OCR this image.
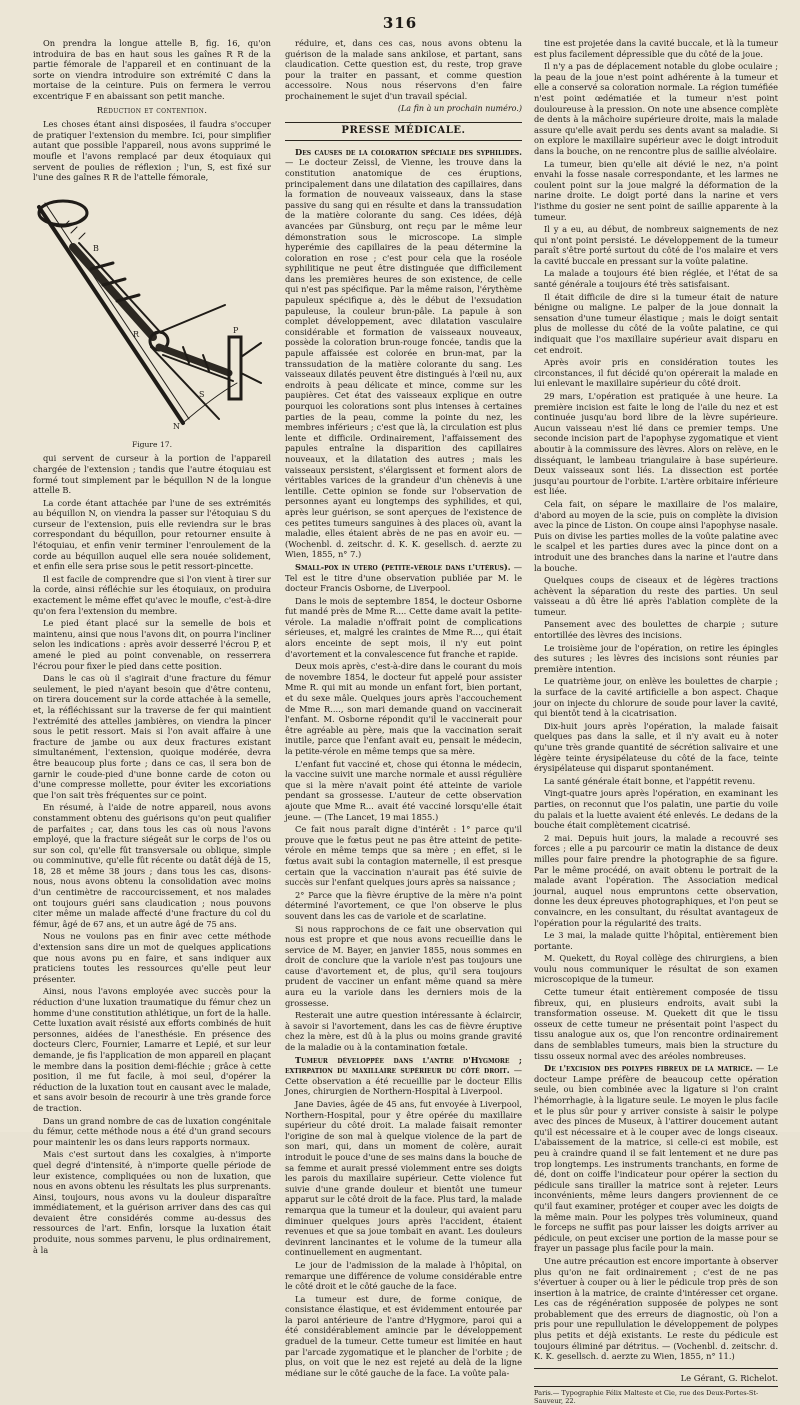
316

On prendra la longue attelle B, fig. 16, qu'on introduira de bas en haut sous les gaînes R R de la partie fémorale de l'appareil et en continuant de la sorte on viendra introduire son extrémité C dans la mortaise de la ceinture. Puis on fermera le verrou excentrique F en abaissant son petit manche.

Réduction et contention.

Les choses étant ainsi disposées, il faudra s'occuper de pratiquer l'extension du membre. Ici, pour simplifier autant que possible l'appareil, nous avons supprimé le moufle et l'avons remplacé par deux étoquiaux qui servent de poulies de réflexion ; l'un, S, est fixé sur l'une des gaînes R R de l'attelle fémorale,

R
S
P
B
N
Figure 17.

qui servent de curseur à la portion de l'appareil chargée de l'extension ; tandis que l'autre étoquiau est formé tout simplement par le béquillon N de la longue attelle B.

La corde étant attachée par l'une de ses extrémités au béquillon N, on viendra la passer sur l'étoquiau S du curseur de l'extension, puis elle reviendra sur le bras correspondant du béquillon, pour retourner ensuite à l'étoquiau, et enfin venir terminer l'enroulement de la corde au béquillon auquel elle sera nouée solidement, et enfin elle sera prise sous le petit ressort-pincette.

Il est facile de comprendre que si l'on vient à tirer sur la corde, ainsi réfléchie sur les étoquiaux, on produira exactement le même effet qu'avec le moufle, c'est-à-dire qu'on fera l'extension du membre.

Le pied étant placé sur la semelle de bois et maintenu, ainsi que nous l'avons dit, on pourra l'incliner selon les indications : après avoir desserré l'écrou P, et amené le pied au point convenable, on resserrera l'écrou pour fixer le pied dans cette position.

Dans le cas où il s'agirait d'une fracture du fémur seulement, le pied n'ayant besoin que d'être contenu, on tirera doucement sur la corde attachée à la semelle, et, la réfléchissant sur la traverse de fer qui maintient l'extrémité des attelles jambières, on viendra la pincer sous le petit ressort. Mais si l'on avait affaire à une fracture de jambe ou aux deux fractures existant simultanément, l'extension, quoique modérée, devra être beaucoup plus forte ; dans ce cas, il sera bon de garnir le coude-pied d'une bonne carde de coton ou d'une compresse mollette, pour éviter les excoriations que l'on sait très fréquentes sur ce point.

En résumé, à l'aide de notre appareil, nous avons constamment obtenu des guérisons qu'on peut qualifier de parfaites ; car, dans tous les cas où nous l'avons employé, que la fracture siégeât sur le corps de l'os ou sur son col, qu'elle fût transversale ou oblique, simple ou comminutive, qu'elle fût récente ou datât déjà de 15, 18, 28 et même 38 jours ; dans tous les cas, disons-nous, nous avons obtenu la consolidation avec moins d'un centimètre de raccourcissement, et nos malades ont toujours guéri sans claudication ; nous pouvons citer même un malade affecté d'une fracture du col du fémur, âgé de 67 ans, et un autre âgé de 75 ans.

Nous ne voulons pas en finir avec cette méthode d'extension sans dire un mot de quelques applications que nous avons pu en faire, et sans indiquer aux praticiens toutes les ressources qu'elle peut leur présenter.

Ainsi, nous l'avons employée avec succès pour la réduction d'une luxation traumatique du fémur chez un homme d'une constitution athlétique, un fort de la halle. Cette luxation avait résisté aux efforts combinés de huit personnes, aidées de l'anesthésie. En présence des docteurs Clerc, Fournier, Lamarre et Lepié, et sur leur demande, je fis l'application de mon appareil en plaçant le membre dans la position demi-fléchie ; grâce à cette position, il me fut facile, à moi seul, d'opérer la réduction de la luxation tout en causant avec le malade, et sans avoir besoin de recourir à une très grande force de traction.

Dans un grand nombre de cas de luxation congénitale du fémur, cette méthode nous a été d'un grand secours pour maintenir les os dans leurs rapports normaux.

Mais c'est surtout dans les coxalgies, à n'importe quel degré d'intensité, à n'importe quelle période de leur existence, compliquées ou non de luxation, que nous en avons obtenu les résultats les plus surprenants. Ainsi, toujours, nous avons vu la douleur disparaître immédiatement, et la guérison arriver dans des cas qui devaient être considérés comme au-dessus des ressources de l'art. Enfin, lorsque la luxation était produite, nous sommes parvenu, le plus ordinairement, à la

réduire, et, dans ces cas, nous avons obtenu la guérison de la malade sans ankilose, et partant, sans claudication. Cette question est, du reste, trop grave pour la traiter en passant, et comme question accessoire. Nous nous réservons d'en faire prochainement le sujet d'un travail spécial.

(La fin à un prochain numéro.)
PRESSE MÉDICALE.

Des causes de la coloration spéciale des syphilides. — Le docteur Zeissl, de Vienne, les trouve dans la constitution anatomique de ces éruptions, principalement dans une dilatation des capillaires, dans la formation de nouveaux vaisseaux, dans la stase passive du sang qui en résulte et dans la transsudation de la matière colorante du sang. Ces idées, déjà avancées par Günsburg, ont reçu par le même leur démonstration sous le microscope. La simple hyperémie des capillaires de la peau détermine la coloration en rose ; c'est pour cela que la roséole syphilitique ne peut être distinguée que difficilement dans les premières heures de son existence, de celle qui n'est pas spécifique. Par la même raison, l'érythème papuleux spécifique a, dès le début de l'exsudation papuleuse, la couleur brun-pâle. La papule à son complet développement, avec dilatation vasculaire considérable et formation de vaisseaux nouveaux, possède la coloration brun-rouge foncée, tandis que la papule affaissée est colorée en brun-mat, par la transsudation de la matière colorante du sang. Les vaisseaux dilatés peuvent être distingués à l'œil nu, aux endroits à peau délicate et mince, comme sur les paupières. Cet état des vaisseaux explique en outre pourquoi les colorations sont plus intenses à certaines parties de la peau, comme la pointe du nez, les membres inférieurs ; c'est que là, la circulation est plus lente et difficile. Ordinairement, l'affaissement des papules entraîne la disparition des capillaires nouveaux, et la dilatation des autres ; mais les vaisseaux persistent, s'élargissent et forment alors de véritables varices de la grandeur d'un chènevis à une lentille. Cette opinion se fonde sur l'observation de personnes ayant eu longtemps des syphilides, et qui, après leur guérison, se sont aperçues de l'existence de ces petites tumeurs sanguines à des places où, avant la maladie, elles étaient abrès de ne pas en avoir eu. — (Wochenbl. d. zeitschr. d. K. K. gesellsch. d. aerzte zu Wien, 1855, n° 7.)

Small-pox in utero (petite-vérole dans l'utérus). — Tel est le titre d'une observation publiée par M. le docteur Francis Osborne, de Liverpool.

Dans le mois de septembre 1854, le docteur Osborne fut mandé près de Mme R.... Cette dame avait la petite-vérole. La maladie n'offrait point de complications sérieuses, et, malgré les craintes de Mme R..., qui était alors enceinte de sept mois, il n'y eut point d'avortement et la convalescence fut franche et rapide.

Deux mois après, c'est-à-dire dans le courant du mois de novembre 1854, le docteur fut appelé pour assister Mme R. qui mit au monde un enfant fort, bien portant, et du sexe mâle. Quelques jours après l'accouchement de Mme R...., son mari demande quand on vaccinerait l'enfant. M. Osborne répondit qu'il le vaccinerait pour être agréable au père, mais que la vaccination serait inutile, parce que l'enfant avait eu, pensait le médecin, la petite-vérole en même temps que sa mère.

L'enfant fut vacciné et, chose qui étonna le médecin, la vaccine suivit une marche normale et aussi régulière que si la mère n'avait point été atteinte de variole pendant sa grossesse. L'auteur de cette observation ajoute que Mme R... avait été vacciné lorsqu'elle était jeune. — (The Lancet, 19 mai 1855.)

Ce fait nous paraît digne d'intérêt : 1° parce qu'il prouve que le fœtus peut ne pas être atteint de petite-vérole en même temps que sa mère ; en effet, si le fœtus avait subi la contagion maternelle, il est presque certain que la vaccination n'aurait pas été suivie de succès sur l'enfant quelques jours après sa naissance ;

2° Parce que la fièvre éruptive de la mère n'a point déterminé l'avortement, ce que l'on observe le plus souvent dans les cas de variole et de scarlatine.

Si nous rapprochons de ce fait une observation qui nous est propre et que nous avons recueillie dans le service de M. Bayer, en janvier 1855, nous sommes en droit de conclure que la variole n'est pas toujours une cause d'avortement et, de plus, qu'il sera toujours prudent de vacciner un enfant même quand sa mère aura eu la variole dans les derniers mois de la grossesse.

Resterait une autre question intéressante à éclaircir, à savoir si l'avortement, dans les cas de fièvre éruptive chez la mère, est dû à la plus ou moins grande gravité de la maladie ou à la contamination fœtale.

Tumeur développée dans l'antre d'Hygmore ; extirpation du maxillaire supérieur du côté droit. — Cette observation a été recueillie par le docteur Ellis Jones, chirurgien de Northern-Hospital à Liverpool.

Jane Davies, âgée de 45 ans, fut envoyée à Liverpool, Northern-Hospital, pour y être opérée du maxillaire supérieur du côté droit. La malade faisait remonter l'origine de son mal à quelque violence de la part de son mari, qui, dans un moment de colère, aurait introduit le pouce d'une de ses mains dans la bouche de sa femme et aurait pressé violemment entre ses doigts les parois du maxillaire supérieur. Cette violence fut suivie d'une grande douleur et bientôt une tumeur apparut sur le côté droit de la face. Plus tard, la malade remarqua que la tumeur et la douleur, qui avaient paru diminuer quelques jours après l'accident, étaient revenues et que sa joue tombait en avant. Les douleurs devinrent lancinantes et le volume de la tumeur alla continuellement en augmentant.

Le jour de l'admission de la malade à l'hôpital, on remarque une différence de volume considérable entre le côté droit et le côté gauche de la face.

La tumeur est dure, de forme conique, de consistance élastique, et est évidemment entourée par la paroi antérieure de l'antre d'Hygmore, paroi qui a été considérablement amincie par le développement graduel de la tumeur. Cette tumeur est limitée en haut par l'arcade zygomatique et le plancher de l'orbite ; de plus, on voit que le nez est rejeté au delà de la ligne médiane sur le côté gauche de la face. La voûte pala-

tine est projetée dans la cavité buccale, et là la tumeur est plus facilement dépressible que du côté de la joue.

Il n'y a pas de déplacement notable du globe oculaire ; la peau de la joue n'est point adhérente à la tumeur et elle a conservé sa coloration normale. La région tuméfiée n'est point œdématiée et la tumeur n'est point douloureuse à la pression. On note une absence complète de dents à la mâchoire supérieure droite, mais la malade assure qu'elle avait perdu ses dents avant sa maladie. Si on explore le maxillaire supérieur avec le doigt introduit dans la bouche, on ne rencontre plus de saillie alvéolaire.

La tumeur, bien qu'elle ait dévié le nez, n'a point envahi la fosse nasale correspondante, et les larmes ne coulent point sur la joue malgré la déformation de la narine droite. Le doigt porté dans la narine et vers l'isthme du gosier ne sent point de saillie apparente à la tumeur.

Il y a eu, au début, de nombreux saignements de nez qui n'ont point persisté. Le développement de la tumeur paraît s'être porté surtout du côté de l'os malaire et vers la cavité buccale en pressant sur la voûte palatine.

La malade a toujours été bien réglée, et l'état de sa santé générale a toujours été très satisfaisant.

Il était difficile de dire si la tumeur était de nature bénigne ou maligne. Le palper de la joue donnait la sensation d'une tumeur élastique ; mais le doigt sentait plus de mollesse du côté de la voûte palatine, ce qui indiquait que l'os maxillaire supérieur avait disparu en cet endroit.

Après avoir pris en considération toutes les circonstances, il fut décidé qu'on opérerait la malade en lui enlevant le maxillaire supérieur du côté droit.

29 mars, L'opération est pratiquée à une heure. La première incision est faite le long de l'aile du nez et est continuée jusqu'au bord libre de la lèvre supérieure. Aucun vaisseau n'est lié dans ce premier temps. Une seconde incision part de l'apophyse zygomatique et vient aboutir à la commissure des lèvres. Alors on relève, en le disséquant, le lambeau triangulaire à base supérieure. Deux vaisseaux sont liés. La dissection est portée jusqu'au pourtour de l'orbite. L'artère orbitaire inférieure est liée.

Cela fait, on sépare le maxillaire de l'os malaire, d'abord au moyen de la scie, puis on complète la division avec la pince de Liston. On coupe ainsi l'apophyse nasale. Puis on divise les parties molles de la voûte palatine avec le scalpel et les parties dures avec la pince dont on a introduit une des branches dans la narine et l'autre dans la bouche.

Quelques coups de ciseaux et de légères tractions achèvent la séparation du reste des parties. Un seul vaisseau a dû être lié après l'ablation complète de la tumeur.

Pansement avec des boulettes de charpie ; suture entortillée des lèvres des incisions.

Le troisième jour de l'opération, on retire les épingles des sutures ; les lèvres des incisions sont réunies par première intention.

Le quatrième jour, on enlève les boulettes de charpie ; la surface de la cavité artificielle a bon aspect. Chaque jour on injecte du chlorure de soude pour laver la cavité, qui bientôt tend à la cicatrisation.

Dix-huit jours après l'opération, la malade faisait quelques pas dans la salle, et il n'y avait eu à noter qu'une très grande quantité de sécrétion salivaire et une légère teinte érysipélateuse du côté de la face, teinte érysipélateuse qui disparut spontanément.

La santé générale était bonne, et l'appétit revenu.

Vingt-quatre jours après l'opération, en examinant les parties, on reconnut que l'os palatin, une partie du voile du palais et la luette avaient été enlevés. Le dedans de la bouche était complètement cicatrisé.

2 mai. Depuis huit jours, la malade a recouvré ses forces ; elle a pu parcourir ce matin la distance de deux milles pour faire prendre la photographie de sa figure. Par le même procédé, on avait obtenu le portrait de la malade avant l'opération. The Association medical journal, auquel nous empruntons cette observation, donne les deux épreuves photographiques, et l'on peut se convaincre, en les consultant, du résultat avantageux de l'opération pour la régularité des traits.

Le 3 mai, la malade quitte l'hôpital, entièrement bien portante.

M. Quekett, du Royal collège des chirurgiens, a bien voulu nous communiquer le résultat de son examen microscopique de la tumeur.

Cette tumeur était entièrement composée de tissu fibreux, qui, en plusieurs endroits, avait subi la transformation osseuse. M. Quekett dit que le tissu osseux de cette tumeur ne présentait point l'aspect du tissu analogue aux os, que l'on rencontre ordinairement dans de semblables tumeurs, mais bien la structure du tissu osseux normal avec des aréoles nombreuses.

De l'excision des polypes fibreux de la matrice. — Le docteur Lampe préfère de beaucoup cette opération seule, ou bien combinée avec la ligature si l'on craint l'hémorrhagie, à la ligature seule. Le moyen le plus facile et le plus sûr pour y arriver consiste à saisir le polype avec des pinces de Museux, à l'attirer doucement autant qu'il est nécessaire et à le couper avec de longs ciseaux. L'abaissement de la matrice, si celle-ci est mobile, est peu à craindre quand il se fait lentement et ne dure pas trop longtemps. Les instruments tranchants, en forme de dé, dont on coiffe l'indicateur pour opérer la section du pédicule sans tirailler la matrice sont à rejeter. Leurs inconvénients, même leurs dangers proviennent de ce qu'il faut examiner, protéger et couper avec les doigts de la même main. Pour les polypes très volumineux, quand le forceps ne suffit pas pour laisser les doigts arriver au pédicule, on peut exciser une portion de la masse pour se frayer un passage plus facile pour la main.

Une autre précaution est encore importante à observer plus qu'on ne fait ordinairement ; c'est de ne pas s'évertuer à couper ou à lier le pédicule trop près de son insertion à la matrice, de crainte d'intéresser cet organe. Les cas de régénération supposée de polypes ne sont probablement que des erreurs de diagnostic, où l'on a pris pour une repullulation le développement de polypes plus petits et déjà existants. Le reste du pédicule est toujours éliminé par détritus. — (Vochenbl. d. zeitschr. d. K. K. gesellsch. d. aerzte zu Wien, 1855, n° 11.)

Le Gérant, G. Richelot.
Paris.— Typographie Félix Malteste et Cie, rue des Deux-Portes-St-Sauveur, 22.
